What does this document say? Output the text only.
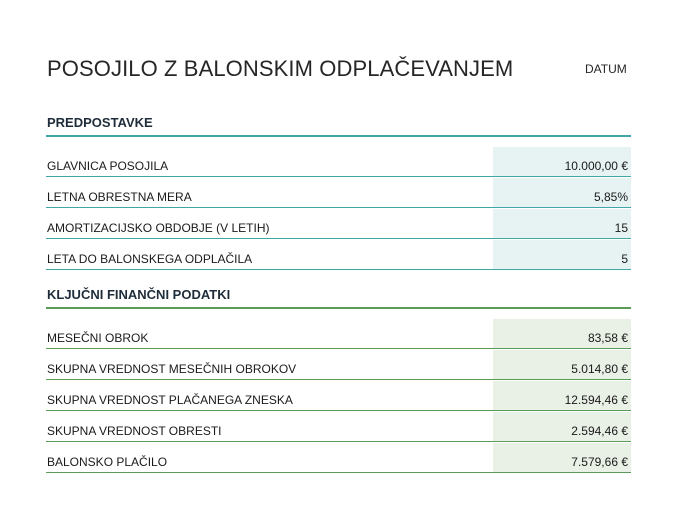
POSOJILO Z BALONSKIM ODPLAČEVANJEM	DATUM
PREDPOSTAVKE
GLAVNICA POSOJILA	10.000,00 €
LETNA OBRESTNA MERA	5,85%
AMORTIZACIJSKO OBDOBJE (V LETIH)	15
LETA DO BALONSKEGA ODPLAČILA	5
KLJUČNI FINANČNI PODATKI
MESEČNI OBROK	83,58 €
SKUPNA VREDNOST MESEČNIH OBROKOV	5.014,80 €
SKUPNA VREDNOST PLAČANEGA ZNESKA	12.594,46 €
SKUPNA VREDNOST OBRESTI	2.594,46 €
BALONSKO PLAČILO	7.579,66 €
